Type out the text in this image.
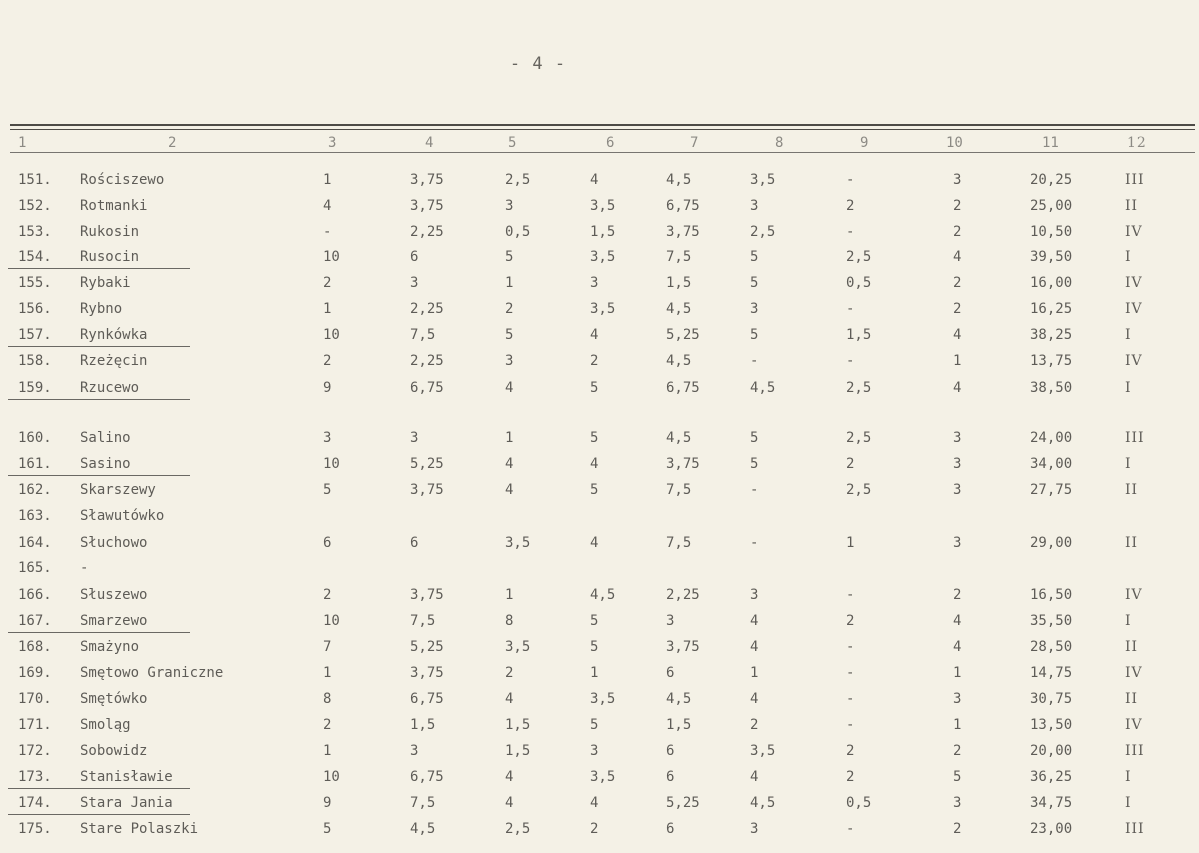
- 4 -
1	2	3	4	5	6	7	8	9	10	11	12
151. Rościszewo	1	3,75	2,5	4	4,5	3,5	-	3	20,25	III
152. Rotmanki	4	3,75	3	3,5	6,75	3	2	2	25,00	II
153. Rukosin	-	2,25	0,5	1,5	3,75	2,5	-	2	10,50	IV
154. Rusocin	10	6	5	3,5	7,5	5	2,5	4	39,50	I
155. Rybaki	2	3	1	3	1,5	5	0,5	2	16,00	IV
156. Rybno	1	2,25	2	3,5	4,5	3	-	2	16,25	IV
157. Rynkówka	10	7,5	5	4	5,25	5	1,5	4	38,25	I
158. Rzeżęcin	2	2,25	3	2	4,5	-	-	1	13,75	IV
159. Rzucewo	9	6,75	4	5	6,75	4,5	2,5	4	38,50	I
160. Salino	3	3	1	5	4,5	5	2,5	3	24,00	III
161. Sasino	10	5,25	4	4	3,75	5	2	3	34,00	I
162. Skarszewy	5	3,75	4	5	7,5	-	2,5	3	27,75	II
163. Sławutówko
164. Słuchowo	6	6	3,5	4	7,5	-	1	3	29,00	II
165. -
166. Słuszewo	2	3,75	1	4,5	2,25	3	-	2	16,50	IV
167. Smarzewo	10	7,5	8	5	3	4	2	4	35,50	I
168. Smażyno	7	5,25	3,5	5	3,75	4	-	4	28,50	II
169. Smętowo Graniczne	1	3,75	2	1	6	1	-	1	14,75	IV
170. Smętówko	8	6,75	4	3,5	4,5	4	-	3	30,75	II
171. Smoląg	2	1,5	1,5	5	1,5	2	-	1	13,50	IV
172. Sobowidz	1	3	1,5	3	6	3,5	2	2	20,00	III
173. Stanisławie	10	6,75	4	3,5	6	4	2	5	36,25	I
174. Stara Jania	9	7,5	4	4	5,25	4,5	0,5	3	34,75	I
175. Stare Polaszki	5	4,5	2,5	2	6	3	-	2	23,00	III
